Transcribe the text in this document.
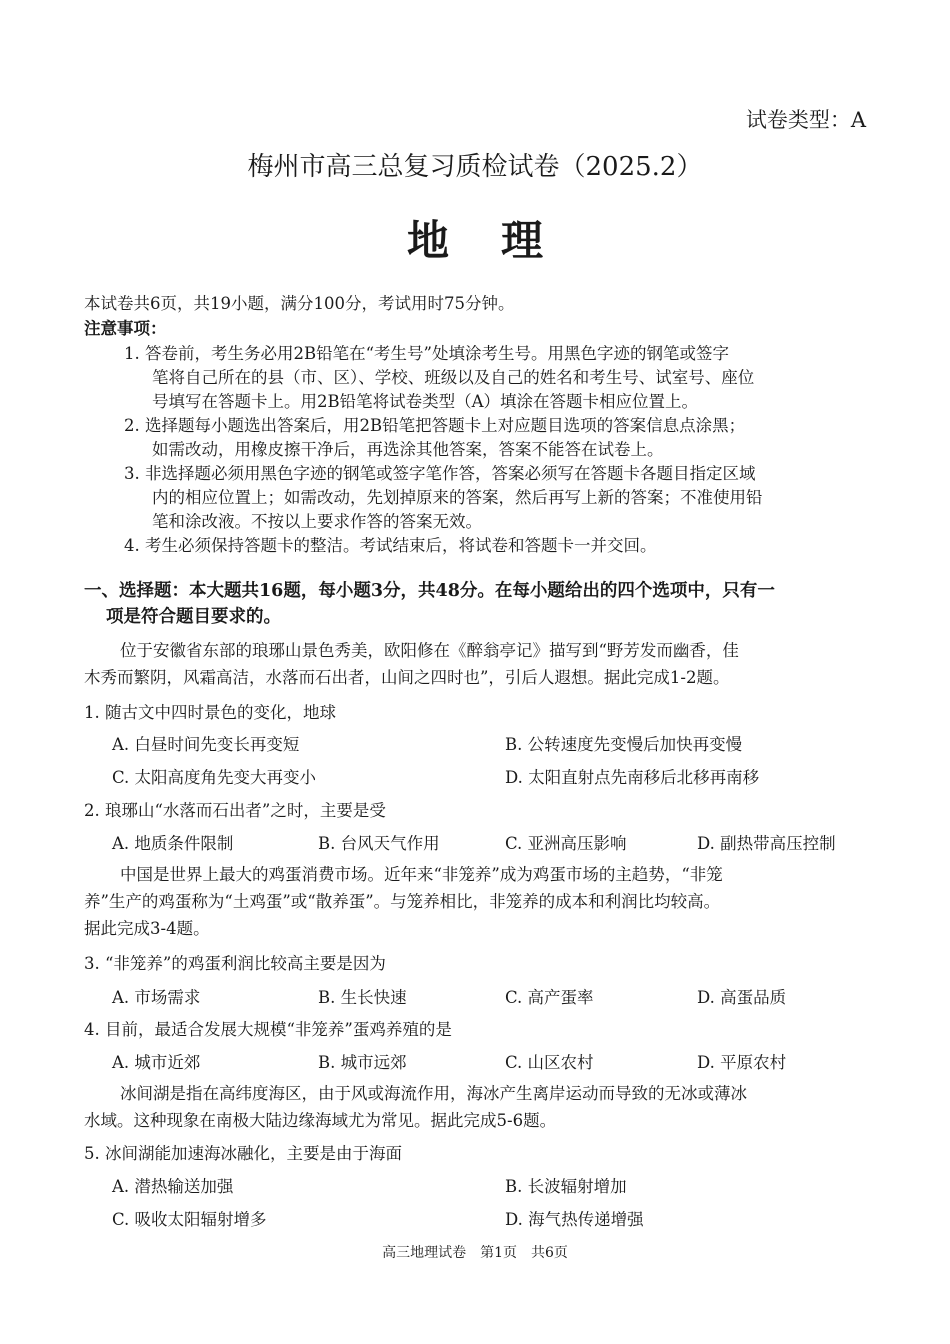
试卷类型：A
梅州市高三总复习质检试卷（2025.2）
地理
本试卷共6页，共19小题，满分100分，考试用时75分钟。
注意事项：
1. 答卷前，考生务必用2B铅笔在“考生号”处填涂考生号。用黑色字迹的钢笔或签字
笔将自己所在的县（市、区）、学校、班级以及自己的姓名和考生号、试室号、座位
号填写在答题卡上。用2B铅笔将试卷类型（A）填涂在答题卡相应位置上。
2. 选择题每小题选出答案后，用2B铅笔把答题卡上对应题目选项的答案信息点涂黑；
如需改动，用橡皮擦干净后，再选涂其他答案，答案不能答在试卷上。
3. 非选择题必须用黑色字迹的钢笔或签字笔作答，答案必须写在答题卡各题目指定区域
内的相应位置上；如需改动，先划掉原来的答案，然后再写上新的答案；不准使用铅
笔和涂改液。不按以上要求作答的答案无效。
4. 考生必须保持答题卡的整洁。考试结束后，将试卷和答题卡一并交回。
一、选择题：本大题共16题，每小题3分，共48分。在每小题给出的四个选项中，只有一
项是符合题目要求的。
位于安徽省东部的琅琊山景色秀美，欧阳修在《醉翁亭记》描写到“野芳发而幽香，佳
木秀而繁阴，风霜高洁，水落而石出者，山间之四时也”，引后人遐想。据此完成1-2题。
1. 随古文中四时景色的变化，地球
A. 白昼时间先变长再变短	B. 公转速度先变慢后加快再变慢
C. 太阳高度角先变大再变小	D. 太阳直射点先南移后北移再南移
2. 琅琊山“水落而石出者”之时，主要是受
A. 地质条件限制	B. 台风天气作用	C. 亚洲高压影响	D. 副热带高压控制
中国是世界上最大的鸡蛋消费市场。近年来“非笼养”成为鸡蛋市场的主趋势，“非笼
养”生产的鸡蛋称为“土鸡蛋”或“散养蛋”。与笼养相比，非笼养的成本和利润比均较高。
据此完成3-4题。
3. “非笼养”的鸡蛋利润比较高主要是因为
A. 市场需求	B. 生长快速	C. 高产蛋率	D. 高蛋品质
4. 目前，最适合发展大规模“非笼养”蛋鸡养殖的是
A. 城市近郊	B. 城市远郊	C. 山区农村	D. 平原农村
冰间湖是指在高纬度海区，由于风或海流作用，海冰产生离岸运动而导致的无冰或薄冰
水域。这种现象在南极大陆边缘海域尤为常见。据此完成5-6题。
5. 冰间湖能加速海冰融化，主要是由于海面
A. 潜热输送加强	B. 长波辐射增加
C. 吸收太阳辐射增多	D. 海气热传递增强
高三地理试卷　第1页　共6页
